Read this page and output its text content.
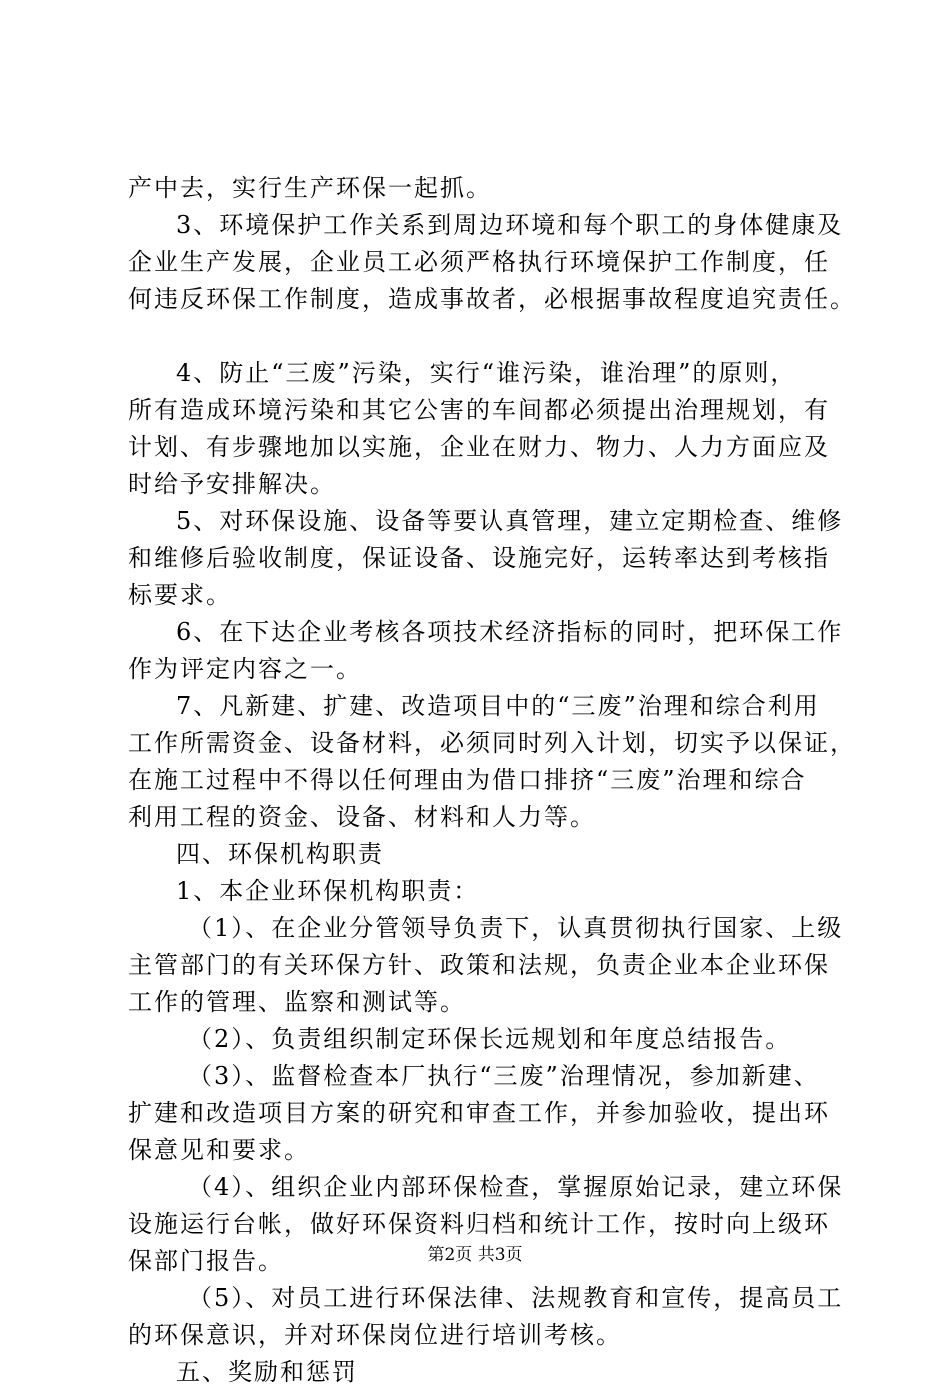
产中去，实行生产环保一起抓。
3、环境保护工作关系到周边环境和每个职工的身体健康及
企业生产发展，企业员工必须严格执行环境保护工作制度，任
何违反环保工作制度，造成事故者，必根据事故程度追究责任。
4、防止“三废”污染，实行“谁污染，谁治理”的原则，
所有造成环境污染和其它公害的车间都必须提出治理规划，有
计划、有步骤地加以实施，企业在财力、物力、人力方面应及
时给予安排解决。
5、对环保设施、设备等要认真管理，建立定期检查、维修
和维修后验收制度，保证设备、设施完好，运转率达到考核指
标要求。
6、在下达企业考核各项技术经济指标的同时，把环保工作
作为评定内容之一。
7、凡新建、扩建、改造项目中的“三废”治理和综合利用
工作所需资金、设备材料，必须同时列入计划，切实予以保证，
在施工过程中不得以任何理由为借口排挤“三废”治理和综合
利用工程的资金、设备、材料和人力等。
四、环保机构职责
1、本企业环保机构职责：
（1）、在企业分管领导负责下，认真贯彻执行国家、上级
主管部门的有关环保方针、政策和法规，负责企业本企业环保
工作的管理、监察和测试等。
（2）、负责组织制定环保长远规划和年度总结报告。
（3）、监督检查本厂执行“三废”治理情况，参加新建、
扩建和改造项目方案的研究和审查工作，并参加验收，提出环
保意见和要求。
（4）、组织企业内部环保检查，掌握原始记录，建立环保
设施运行台帐，做好环保资料归档和统计工作，按时向上级环
保部门报告。
（5）、对员工进行环保法律、法规教育和宣传，提高员工
的环保意识，并对环保岗位进行培训考核。
五、奖励和惩罚
第2页 共3页
